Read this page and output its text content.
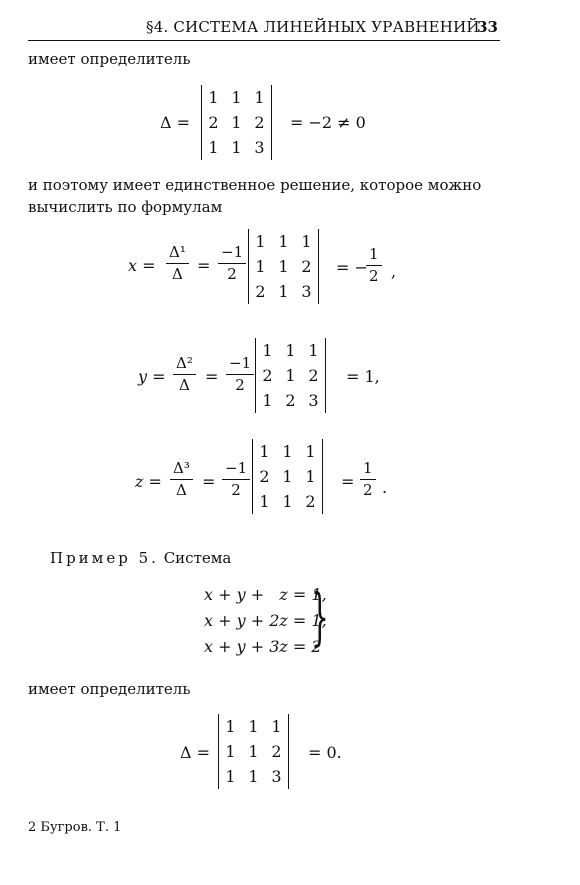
§4. СИСТЕМА ЛИНЕЙНЫХ УРАВНЕНИЙ
33
имеет определитель
Δ =
1	1	1
2	1	2
1	1	3
= −2 ≠ 0
и поэтому имеет единственное решение, которое можно
вычислить по формулам
$x = \frac{\text{Δ¹}}{\Delta} = \frac{-1}{2}$
1	1	1
1	1	2
2	1	3
= −
$\frac{1}{2}$ ,
$y = \frac{\text{Δ²}}{\Delta} = \frac{-1}{2}$
1	1	1
2	1	2
1	2	3
= 1,
$z = \frac{\text{Δ³}}{\Delta} = \frac{-1}{2}$
1	1	1
2	1	1
1	1	2
= $\frac{1}{2}$ .
Пример 5. Система
x + y +   z = 1,
x + y + 2z = 1,
x + y + 3z = 2
}
имеет определитель
Δ =
1	1	1
1	1	2
1	1	3
= 0.
2 Бугров. Т. 1
